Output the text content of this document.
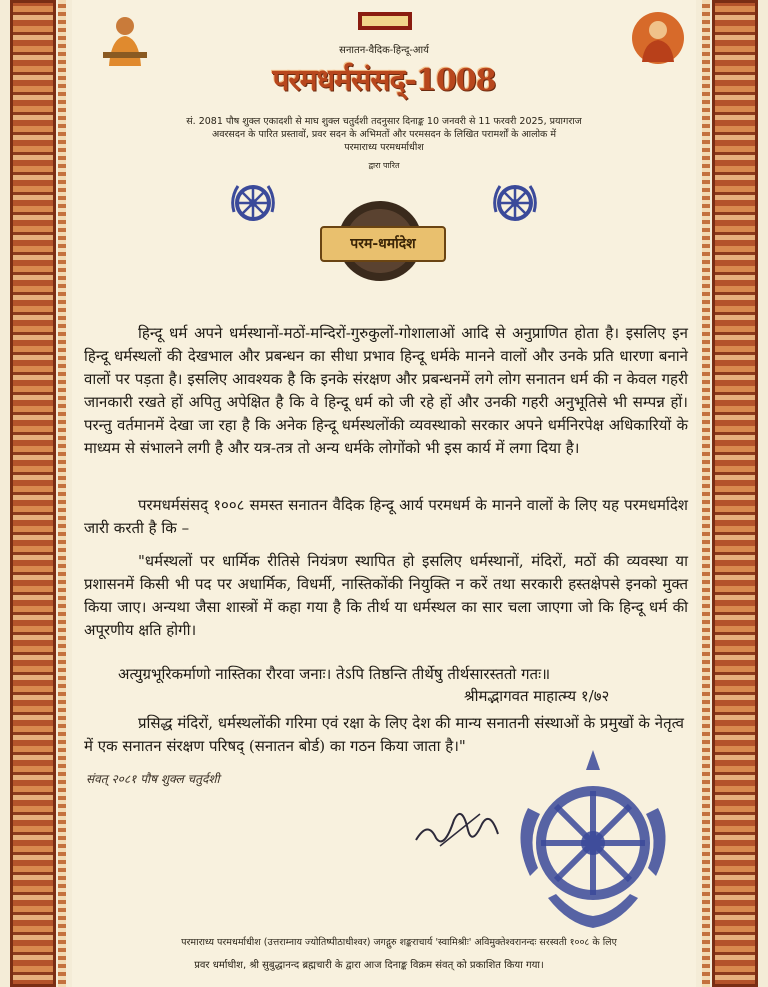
सनातन-वैदिक-हिन्दू-आर्य
परमधर्मसंसद्-1008
सं. 2081 पौष शुक्ल एकादशी से माघ शुक्ल चतुर्दशी तदनुसार दिनाङ्क 10 जनवरी से 11 फरवरी 2025, प्रयागराज
अवरसदन के पारित प्रस्तावों, प्रवर सदन के अभिमतों और परमसदन के लिखित परामर्शों के आलोक में
परमाराध्य परमधर्माधीश
द्वारा पारित
परम-धर्मादेश
हिन्दू धर्म अपने धर्मस्थानों-मठों-मन्दिरों-गुरुकुलों-गोशालाओं आदि से अनुप्राणित होता है। इसलिए इन हिन्दू धर्मस्थलों की देखभाल और प्रबन्धन का सीधा प्रभाव हिन्दू धर्मके मानने वालों और उनके प्रति धारणा बनाने वालों पर पड़ता है। इसलिए आवश्यक है कि इनके संरक्षण और प्रबन्धनमें लगे लोग सनातन धर्म की न केवल गहरी जानकारी रखते हों अपितु अपेक्षित है कि वे हिन्दू धर्म को जी रहे हों और उनकी गहरी अनुभूतिसे भी सम्पन्न हों। परन्तु वर्तमानमें देखा जा रहा है कि अनेक हिन्दू धर्मस्थलोंकी व्यवस्थाको सरकार अपने धर्मनिरपेक्ष अधिकारियों के माध्यम से संभालने लगी है और यत्र-तत्र तो अन्य धर्मके लोगोंको भी इस कार्य में लगा दिया है।
परमधर्मसंसद् १००८ समस्त सनातन वैदिक हिन्दू आर्य परमधर्म के मानने वालों के लिए यह परमधर्मादेश जारी करती है कि –
"धर्मस्थलों पर धार्मिक रीतिसे नियंत्रण स्थापित हो इसलिए धर्मस्थानों, मंदिरों, मठों की व्यवस्था या प्रशासनमें किसी भी पद पर अधार्मिक, विधर्मी, नास्तिकोंकी नियुक्ति न करें तथा सरकारी हस्तक्षेपसे इनको मुक्त किया जाए। अन्यथा जैसा शास्त्रों में कहा गया है कि तीर्थ या धर्मस्थल का सार चला जाएगा जो कि हिन्दू धर्म की अपूरणीय क्षति होगी।
अत्युग्रभूरिकर्माणो नास्तिका रौरवा जनाः। तेऽपि तिष्ठन्ति तीर्थेषु तीर्थसारस्ततो गतः॥
श्रीमद्भागवत माहात्म्य १/७२
प्रसिद्ध मंदिरों, धर्मस्थलोंकी गरिमा एवं रक्षा के लिए देश की मान्य सनातनी संस्थाओं के प्रमुखों के नेतृत्व में एक सनातन संरक्षण परिषद् (सनातन बोर्ड) का गठन किया जाता है।"
संवत् २०८१ पौष शुक्ल चतुर्दशी
परमाराध्य परमधर्माधीश (उत्तराम्नाय ज्योतिष्पीठाधीश्वर) जगद्गुरु शङ्कराचार्य 'स्वामिश्रीः' अविमुक्तेश्वरानन्दः सरस्वती १००८ के लिए
प्रवर धर्माधीश, श्री सुबुद्धानन्द ब्रह्मचारी के द्वारा आज दिनाङ्क विक्रम संवत् को प्रकाशित किया गया।
